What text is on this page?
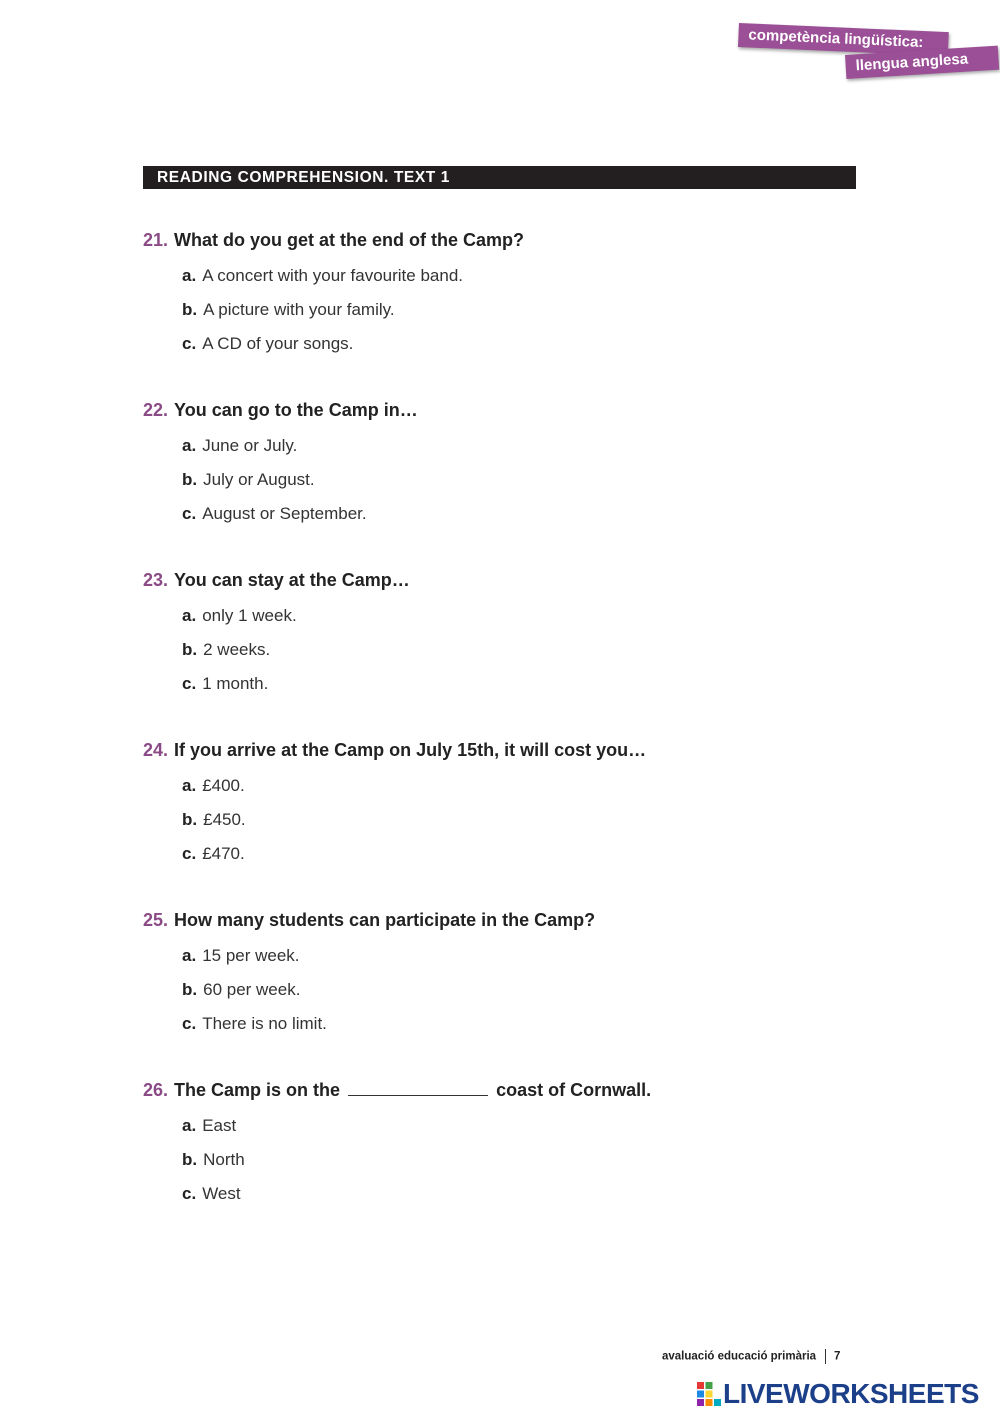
competència lingüística:
llengua anglesa
READING COMPREHENSION. TEXT 1
21. What do you get at the end of the Camp?
a. A concert with your favourite band.
b. A picture with your family.
c. A CD of your songs.
22. You can go to the Camp in…
a. June or July.
b. July or August.
c. August or September.
23. You can stay at the Camp…
a. only 1 week.
b. 2 weeks.
c. 1 month.
24. If you arrive at the Camp on July 15th, it will cost you…
a. £400.
b. £450.
c. £470.
25. How many students can participate in the Camp?
a. 15 per week.
b. 60 per week.
c. There is no limit.
26. The Camp is on the	coast of Cornwall.
a. East
b. North
c. West
avaluació educació primària 7
LIVEWORKSHEETS
